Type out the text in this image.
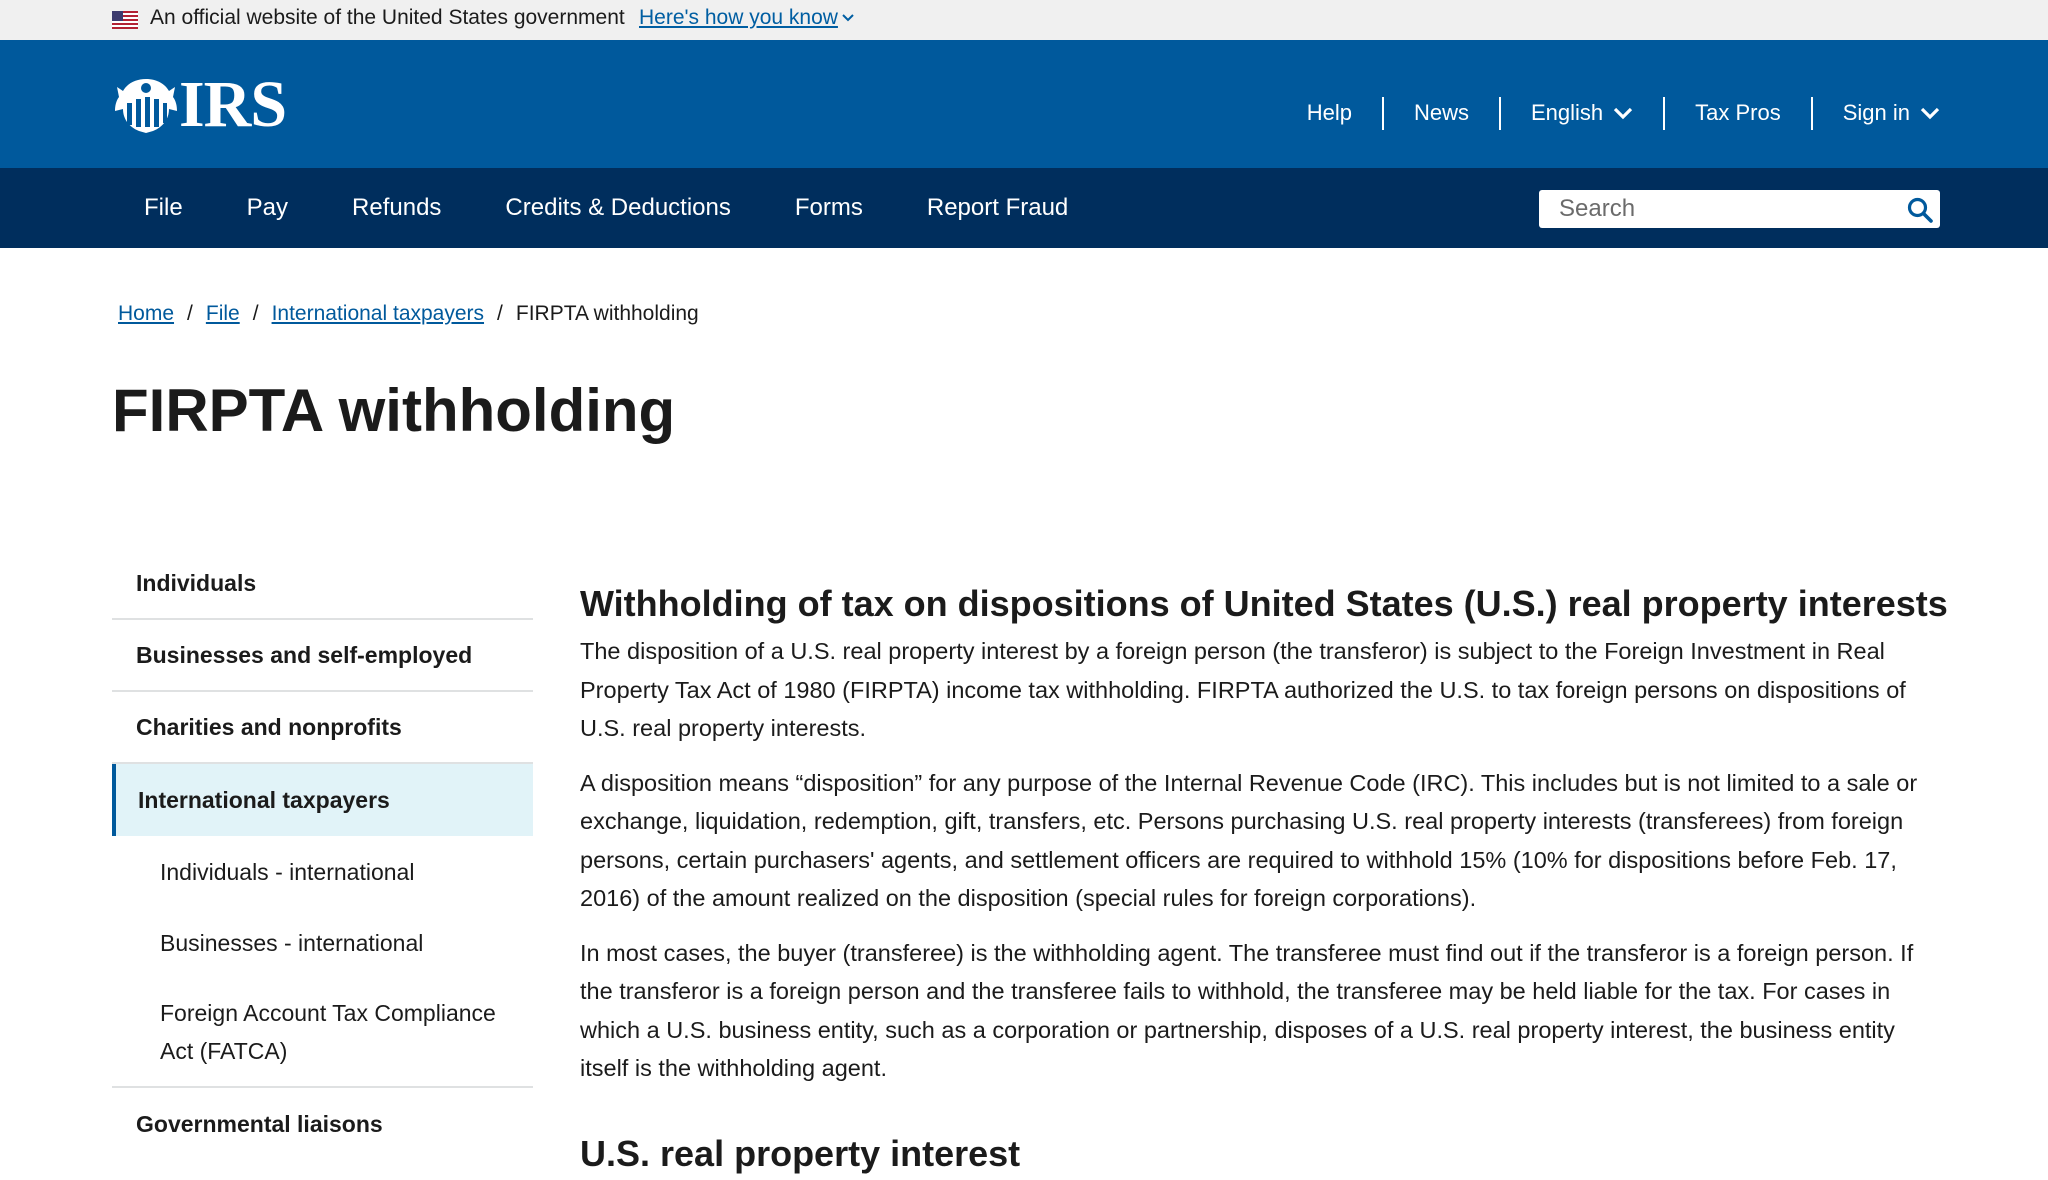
An official website of the United States government Here's how you know
IRS	Help	News	English	Tax Pros	Sign in
File	Pay	Refunds	Credits & Deductions	Forms	Report Fraud
Search
Home / File / International taxpayers / FIRPTA withholding
FIRPTA withholding
Individuals
Businesses and self-employed
Charities and nonprofits
International taxpayers
Individuals - international
Businesses - international
Foreign Account Tax Compliance Act (FATCA)
Governmental liaisons
Withholding of tax on dispositions of United States (U.S.) real property interests

The disposition of a U.S. real property interest by a foreign person (the transferor) is subject to the Foreign Investment in Real Property Tax Act of 1980 (FIRPTA) income tax withholding. FIRPTA authorized the U.S. to tax foreign persons on dispositions of U.S. real property interests.

A disposition means “disposition” for any purpose of the Internal Revenue Code (IRC). This includes but is not limited to a sale or exchange, liquidation, redemption, gift, transfers, etc. Persons purchasing U.S. real property interests (transferees) from foreign persons, certain purchasers' agents, and settlement officers are required to withhold 15% (10% for dispositions before Feb. 17, 2016) of the amount realized on the disposition (special rules for foreign corporations).

In most cases, the buyer (transferee) is the withholding agent. The transferee must find out if the transferor is a foreign person. If the transferor is a foreign person and the transferee fails to withhold, the transferee may be held liable for the tax. For cases in which a U.S. business entity, such as a corporation or partnership, disposes of a U.S. real property interest, the business entity itself is the withholding agent.

U.S. real property interest
